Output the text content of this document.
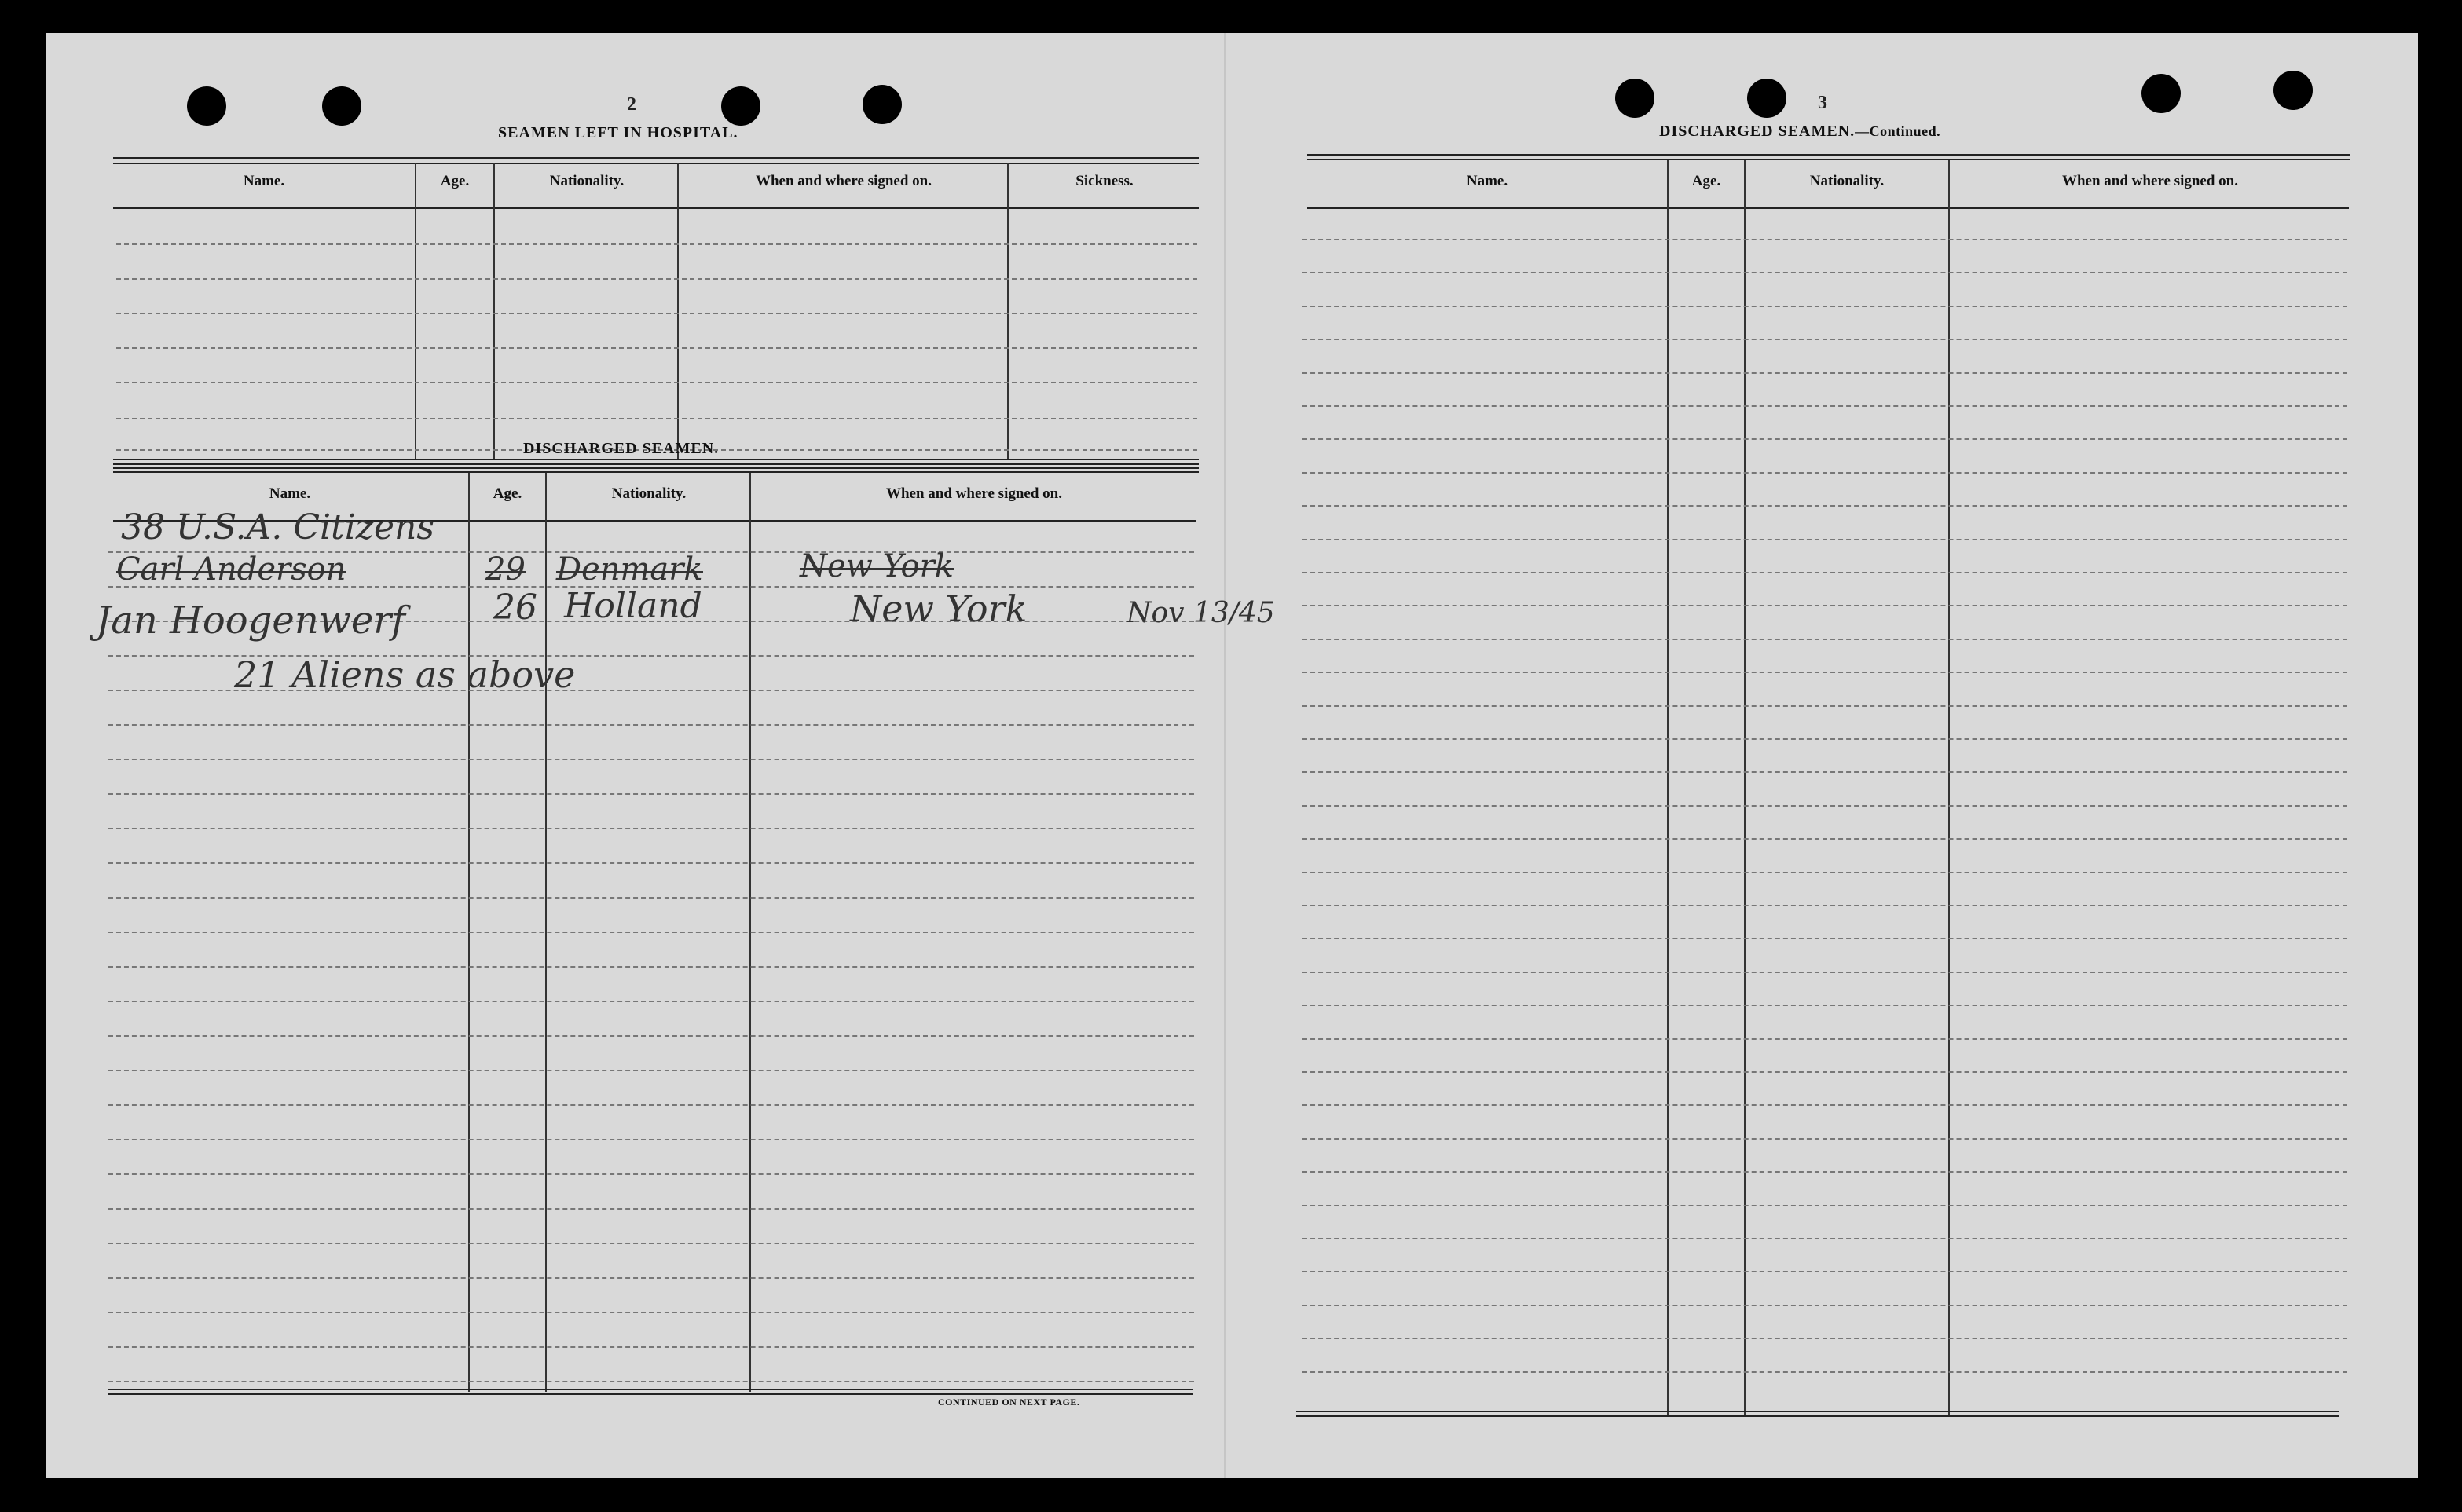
2
SEAMEN LEFT IN HOSPITAL.
Name.	Age.	Nationality.	When and where signed on.	Sickness.
DISCHARGED SEAMEN.
Name.	Age.	Nationality.	When and where signed on.
CONTINUED ON NEXT PAGE.
38 U.S.A. Citizens
Carl Anderson	29 Denmark	New York
Jan Hoogenwerf	26 Holland	New York	Nov 13/45
21 Aliens as above
3
DISCHARGED SEAMEN.—Continued.
Name.	Age.	Nationality.	When and where signed on.
